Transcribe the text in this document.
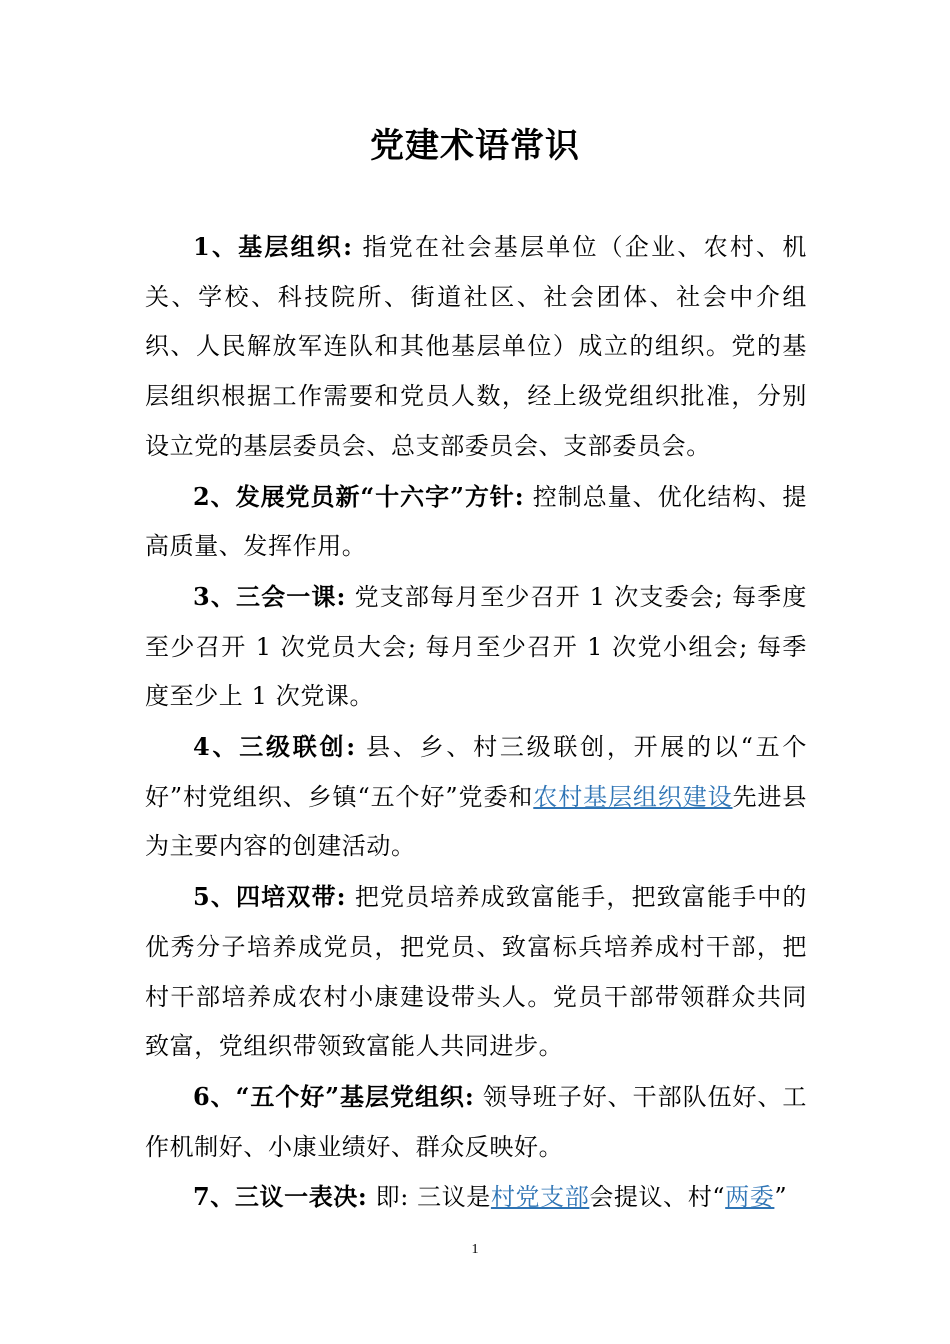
党建术语常识

1、基层组织: 指党在社会基层单位（企业、农村、机关、学校、科技院所、街道社区、社会团体、社会中介组织、人民解放军连队和其他基层单位）成立的组织。党的基层组织根据工作需要和党员人数，经上级党组织批准，分别设立党的基层委员会、总支部委员会、支部委员会。

2、发展党员新“十六字”方针: 控制总量、优化结构、提高质量、发挥作用。

3、三会一课: 党支部每月至少召开 1 次支委会; 每季度至少召开 1 次党员大会; 每月至少召开 1 次党小组会; 每季度至少上 1 次党课。

4、三级联创: 县、乡、村三级联创，开展的以“五个好”村党组织、乡镇“五个好”党委和农村基层组织建设先进县为主要内容的创建活动。

5、四培双带: 把党员培养成致富能手，把致富能手中的优秀分子培养成党员，把党员、致富标兵培养成村干部，把村干部培养成农村小康建设带头人。党员干部带领群众共同致富，党组织带领致富能人共同进步。

6、“五个好”基层党组织: 领导班子好、干部队伍好、工作机制好、小康业绩好、群众反映好。

7、三议一表决: 即: 三议是村党支部会提议、村“两委”

1
